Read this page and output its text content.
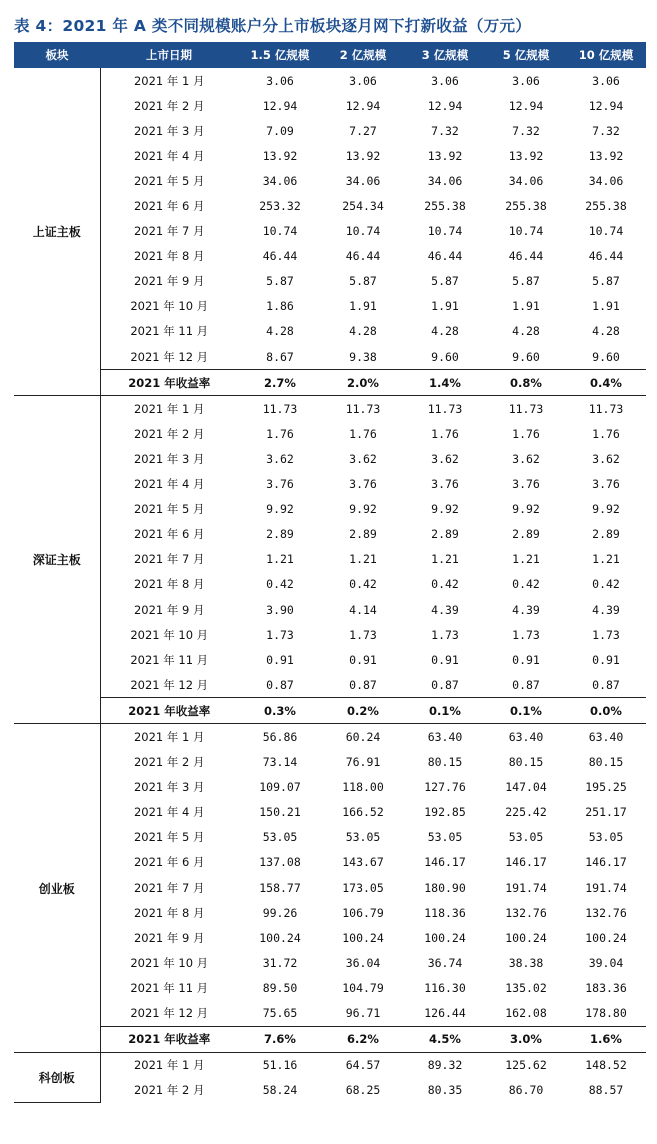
表 4：2021 年 A 类不同规模账户分上市板块逐月网下打新收益（万元）
板块	上市日期	1.5 亿规模	2 亿规模	3 亿规模	5 亿规模	10 亿规模
上证主板	2021 年 1 月	3.06	3.06	3.06	3.06	3.06
	2021 年 2 月	12.94	12.94	12.94	12.94	12.94
	2021 年 3 月	7.09	7.27	7.32	7.32	7.32
	2021 年 4 月	13.92	13.92	13.92	13.92	13.92
	2021 年 5 月	34.06	34.06	34.06	34.06	34.06
	2021 年 6 月	253.32	254.34	255.38	255.38	255.38
	2021 年 7 月	10.74	10.74	10.74	10.74	10.74
	2021 年 8 月	46.44	46.44	46.44	46.44	46.44
	2021 年 9 月	5.87	5.87	5.87	5.87	5.87
	2021 年 10 月	1.86	1.91	1.91	1.91	1.91
	2021 年 11 月	4.28	4.28	4.28	4.28	4.28
	2021 年 12 月	8.67	9.38	9.60	9.60	9.60
	2021 年收益率	2.7%	2.0%	1.4%	0.8%	0.4%
深证主板	2021 年 1 月	11.73	11.73	11.73	11.73	11.73
	2021 年 2 月	1.76	1.76	1.76	1.76	1.76
	2021 年 3 月	3.62	3.62	3.62	3.62	3.62
	2021 年 4 月	3.76	3.76	3.76	3.76	3.76
	2021 年 5 月	9.92	9.92	9.92	9.92	9.92
	2021 年 6 月	2.89	2.89	2.89	2.89	2.89
	2021 年 7 月	1.21	1.21	1.21	1.21	1.21
	2021 年 8 月	0.42	0.42	0.42	0.42	0.42
	2021 年 9 月	3.90	4.14	4.39	4.39	4.39
	2021 年 10 月	1.73	1.73	1.73	1.73	1.73
	2021 年 11 月	0.91	0.91	0.91	0.91	0.91
	2021 年 12 月	0.87	0.87	0.87	0.87	0.87
	2021 年收益率	0.3%	0.2%	0.1%	0.1%	0.0%
创业板	2021 年 1 月	56.86	60.24	63.40	63.40	63.40
	2021 年 2 月	73.14	76.91	80.15	80.15	80.15
	2021 年 3 月	109.07	118.00	127.76	147.04	195.25
	2021 年 4 月	150.21	166.52	192.85	225.42	251.17
	2021 年 5 月	53.05	53.05	53.05	53.05	53.05
	2021 年 6 月	137.08	143.67	146.17	146.17	146.17
	2021 年 7 月	158.77	173.05	180.90	191.74	191.74
	2021 年 8 月	99.26	106.79	118.36	132.76	132.76
	2021 年 9 月	100.24	100.24	100.24	100.24	100.24
	2021 年 10 月	31.72	36.04	36.74	38.38	39.04
	2021 年 11 月	89.50	104.79	116.30	135.02	183.36
	2021 年 12 月	75.65	96.71	126.44	162.08	178.80
	2021 年收益率	7.6%	6.2%	4.5%	3.0%	1.6%
科创板	2021 年 1 月	51.16	64.57	89.32	125.62	148.52
	2021 年 2 月	58.24	68.25	80.35	86.70	88.57
